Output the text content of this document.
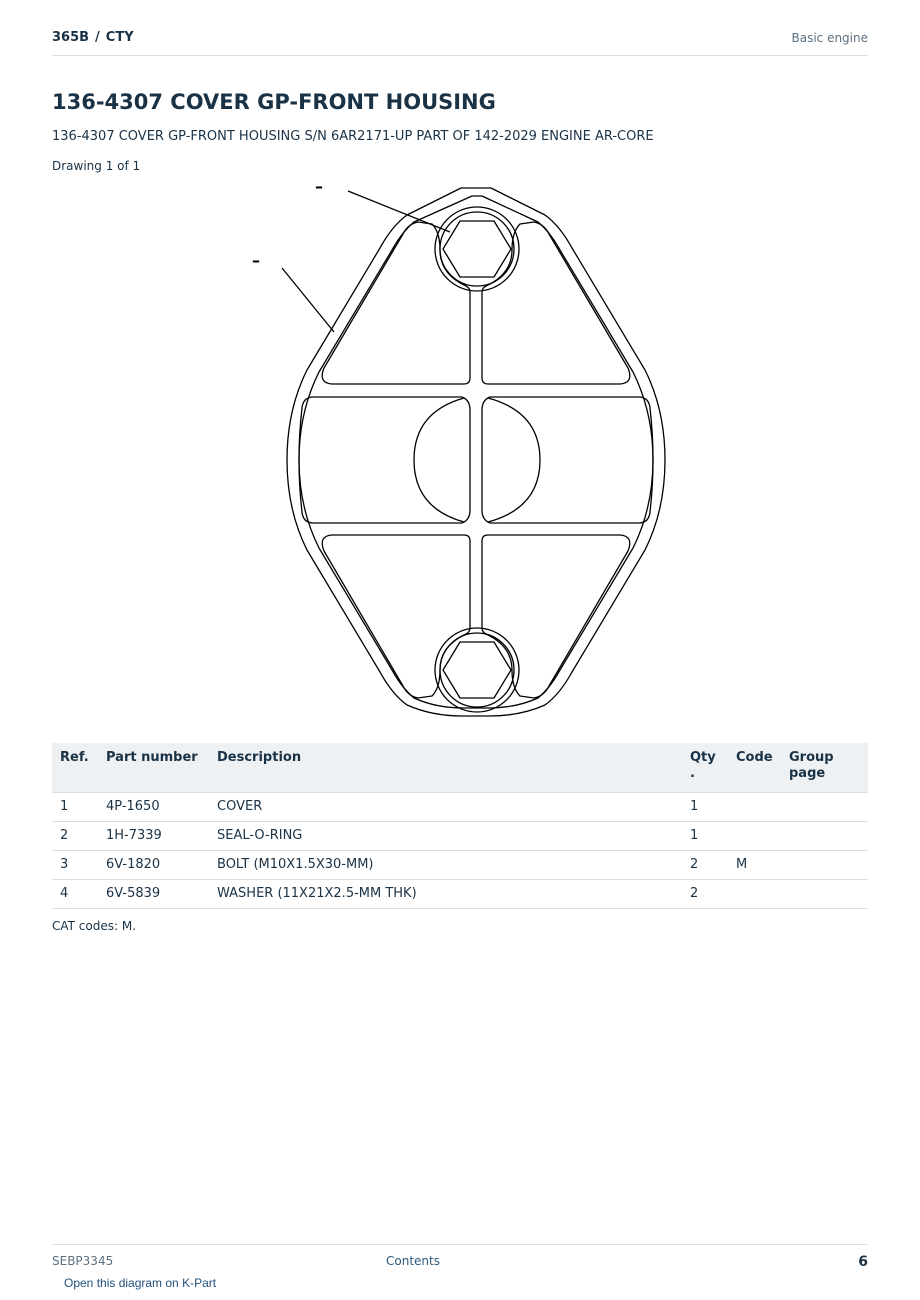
365B / CTY	Basic engine
136-4307 COVER GP-FRONT HOUSING
136-4307 COVER GP-FRONT HOUSING S/N 6AR2171-UP PART OF 142-2029 ENGINE AR-CORE
Drawing 1 of 1
–
–
Ref.	Part number	Description	Qty .	Code	Group page
1	4P-1650	COVER	1		
2	1H-7339	SEAL-O-RING	1		
3	6V-1820	BOLT (M10X1.5X30-MM)	2	M	
4	6V-5839	WASHER (11X21X2.5-MM THK)	2		
CAT codes: M.
SEBP3345	Contents	6
Open this diagram on K-Part
